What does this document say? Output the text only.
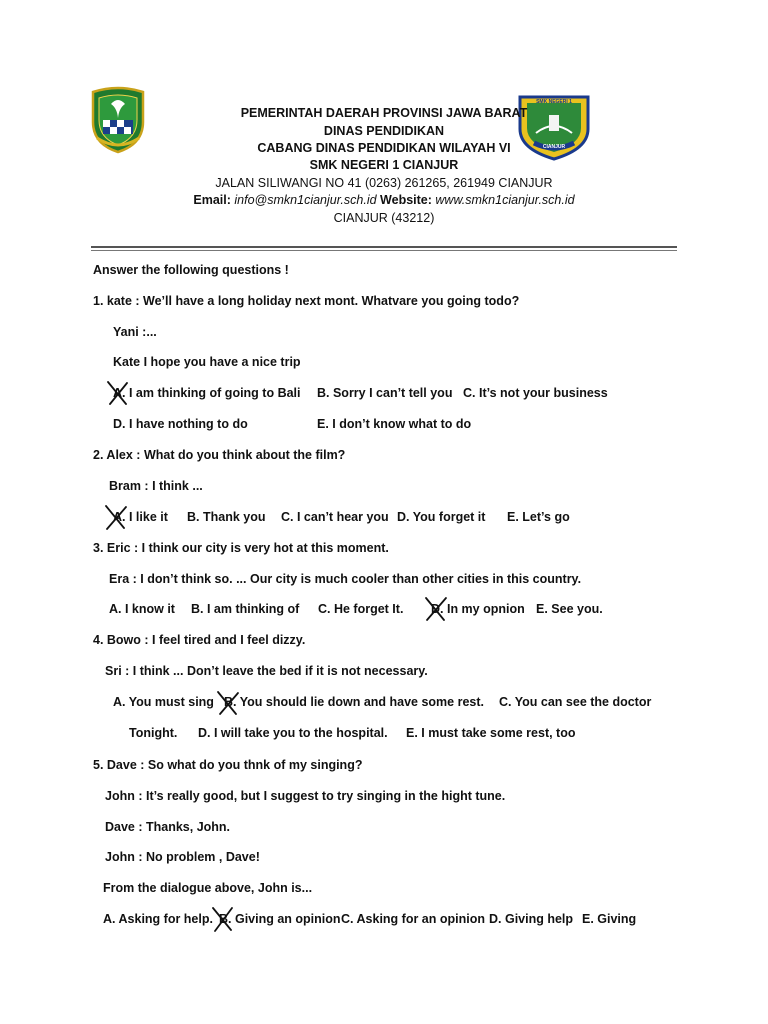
SMK NEGERI 1
CIANJUR
PEMERINTAH DAERAH PROVINSI JAWA BARAT
DINAS PENDIDIKAN
CABANG DINAS PENDIDIKAN WILAYAH VI
SMK NEGERI 1 CIANJUR
JALAN SILIWANGI NO 41 (0263) 261265, 261949 CIANJUR
Email: info@smkn1cianjur.sch.id Website: www.smkn1cianjur.sch.id
CIANJUR (43212)
Answer the following questions !
1. kate : We’ll have a long holiday next mont. Whatvare you going todo?
Yani :...
Kate I hope you have a nice trip
A. I am thinking of going to Bali B. Sorry I can’t tell you C. It’s not your business
D. I have nothing to do	E. I don’t know what to do
2. Alex : What do you think about the film?
Bram : I think ...
A. I like it B. Thank you C. I can’t hear you D. You forget it E. Let’s go
3. Eric : I think our city is very hot at this moment.
Era : I don’t think so. ... Our city is much cooler than other cities in this country.
A. I know it B. I am thinking of C. He forget It. D. In my opnion E. See you.
4. Bowo : I feel tired and I feel dizzy.
Sri : I think ... Don’t leave the bed if it is not necessary.
A. You must sing B. You should lie down and have some rest. C. You can see the doctor
Tonight. D. I will take you to the hospital. E. I must take some rest, too
5. Dave : So what do you thnk of my singing?
John : It’s really good, but I suggest to try singing in the hight tune.
Dave : Thanks, John.
John : No problem , Dave!
From the dialogue above, John is...
A. Asking for help. B. Giving an opinion C. Asking for an opinion D. Giving help E. Giving
